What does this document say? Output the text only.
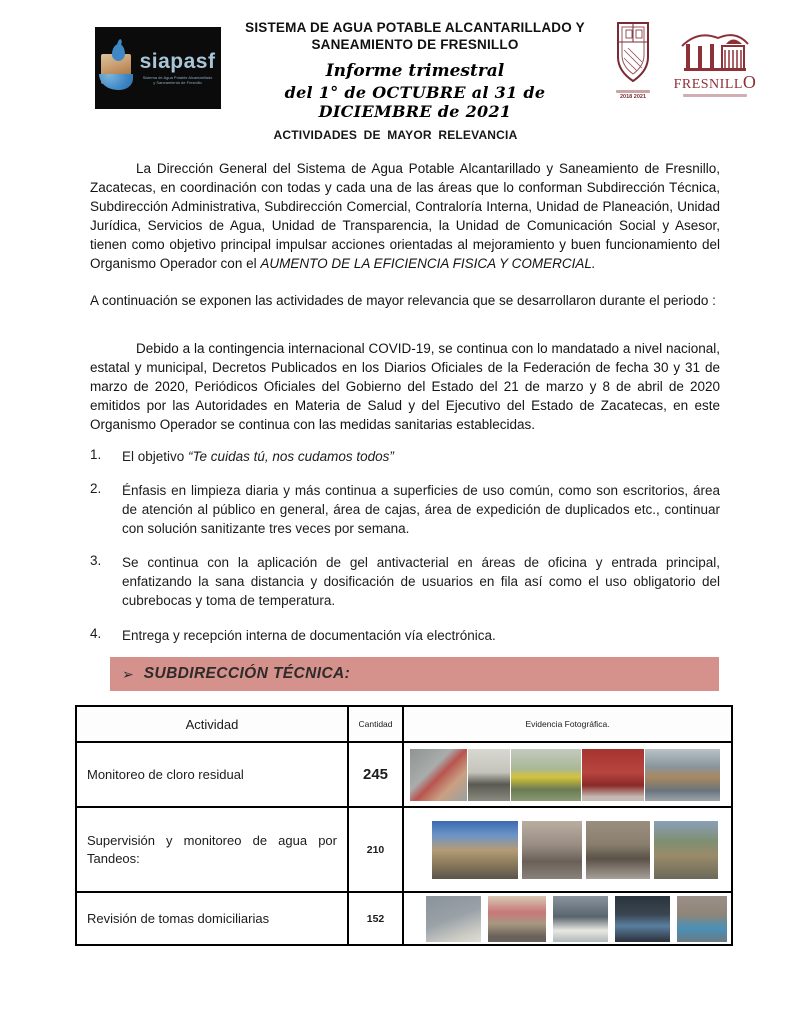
siapasf
Sistema de Agua Potable Alcantarillado
y Saneamiento de Fresnillo
SISTEMA DE AGUA POTABLE ALCANTARILLADO Y
SANEAMIENTO DE FRESNILLO
Informe trimestral
del 1° de OCTUBRE al 31 de DICIEMBRE de 2021
2018 2021
FRESNILLO
ACTIVIDADES DE MAYOR RELEVANCIA

La Dirección General del Sistema de Agua Potable Alcantarillado y Saneamiento de Fresnillo, Zacatecas, en coordinación con todas y cada una de las áreas que lo conforman Subdirección Técnica, Subdirección Administrativa, Subdirección Comercial, Contraloría Interna, Unidad de Planeación, Unidad Jurídica, Servicios de Agua, Unidad de Transparencia, la Unidad de Comunicación Social y Asesor, tienen como objetivo principal impulsar acciones orientadas al mejoramiento y buen funcionamiento del Organismo Operador con el AUMENTO DE LA EFICIENCIA FISICA Y COMERCIAL.

A continuación se exponen las actividades de mayor relevancia que se desarrollaron durante el periodo :

Debido a la contingencia internacional COVID-19, se continua con lo mandatado a nivel nacional, estatal y municipal, Decretos Publicados en los Diarios Oficiales de la Federación de fecha 30 y 31 de marzo de 2020, Periódicos Oficiales del Gobierno del Estado del 21 de marzo y 8 de abril de 2020 emitidos por las Autoridades en Materia de Salud y del Ejecutivo del Estado de Zacatecas, en este Organismo Operador se continua con las medidas sanitarias establecidas.

1.	El objetivo “Te cuidas tú, nos cudamos todos”
2.	Énfasis en limpieza diaria y más continua a superficies de uso común, como son escritorios, área de atención al público en general, área de cajas, área de expedición de duplicados etc., continuar con solución sanitizante tres veces por semana.
3.	Se continua con la aplicación de gel antivacterial en áreas de oficina y entrada principal, enfatizando la sana distancia y dosificación de usuarios en fila así como el uso obligatorio del cubrebocas y toma de temperatura.
4.	Entrega y recepción interna de documentación vía electrónica.
➢ SUBDIRECCIÓN TÉCNICA:
Actividad	Cantidad	Evidencia Fotográfica.
Monitoreo de cloro residual	245	

Supervisión y monitoreo de agua por Tandeos:	210	

Revisión de tomas domiciliarias	152	
